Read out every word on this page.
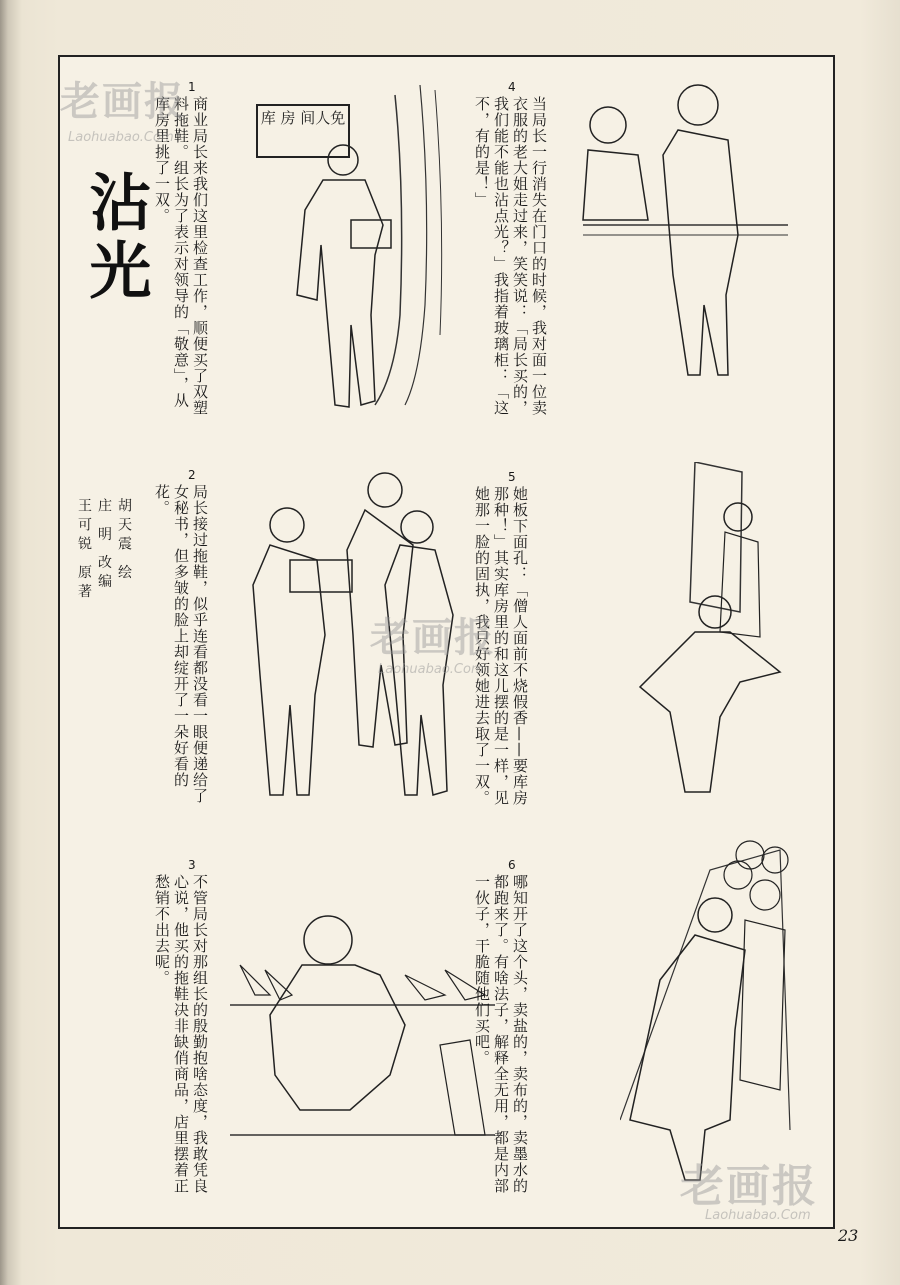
沾光
胡天震 绘
庄 明 改编
王可锐 原著
1
商业局长来我们这里检查工作，顺便买了双塑料拖鞋。组长为了表示对领导的「敬意」，从库房里挑了一双。	库 房 间人免
2
局长接过拖鞋，似乎连看都没看一眼便递给了女秘书，但多皱的脸上却绽开了一朵好看的花。
3
不管局长对那组长的殷勤抱啥态度，我敢凭良心说，他买的拖鞋决非缺俏商品，店里摆着正愁销不出去呢。
4
当局长一行消失在门口的时候，我对面一位卖衣服的老大姐走过来，笑笑说：「局长买的，我们能不能也沾点光？」我指着玻璃柜：「这不，有的是！」
5
她板下面孔：「僧人面前不烧假香——要库房那种！」其实库房里的和这儿摆的是一样，见她那一脸的固执，我只好领她进去取了一双。
6
哪知开了这个头，卖盐的，卖布的，卖墨水的都跑来了。有啥法子，解释全无用，都是内部一伙子，干脆随他们买吧。
老画报
Laohuabao.Com
老画报
Laohuabao.Com
老画报
Laohuabao.Com
23
